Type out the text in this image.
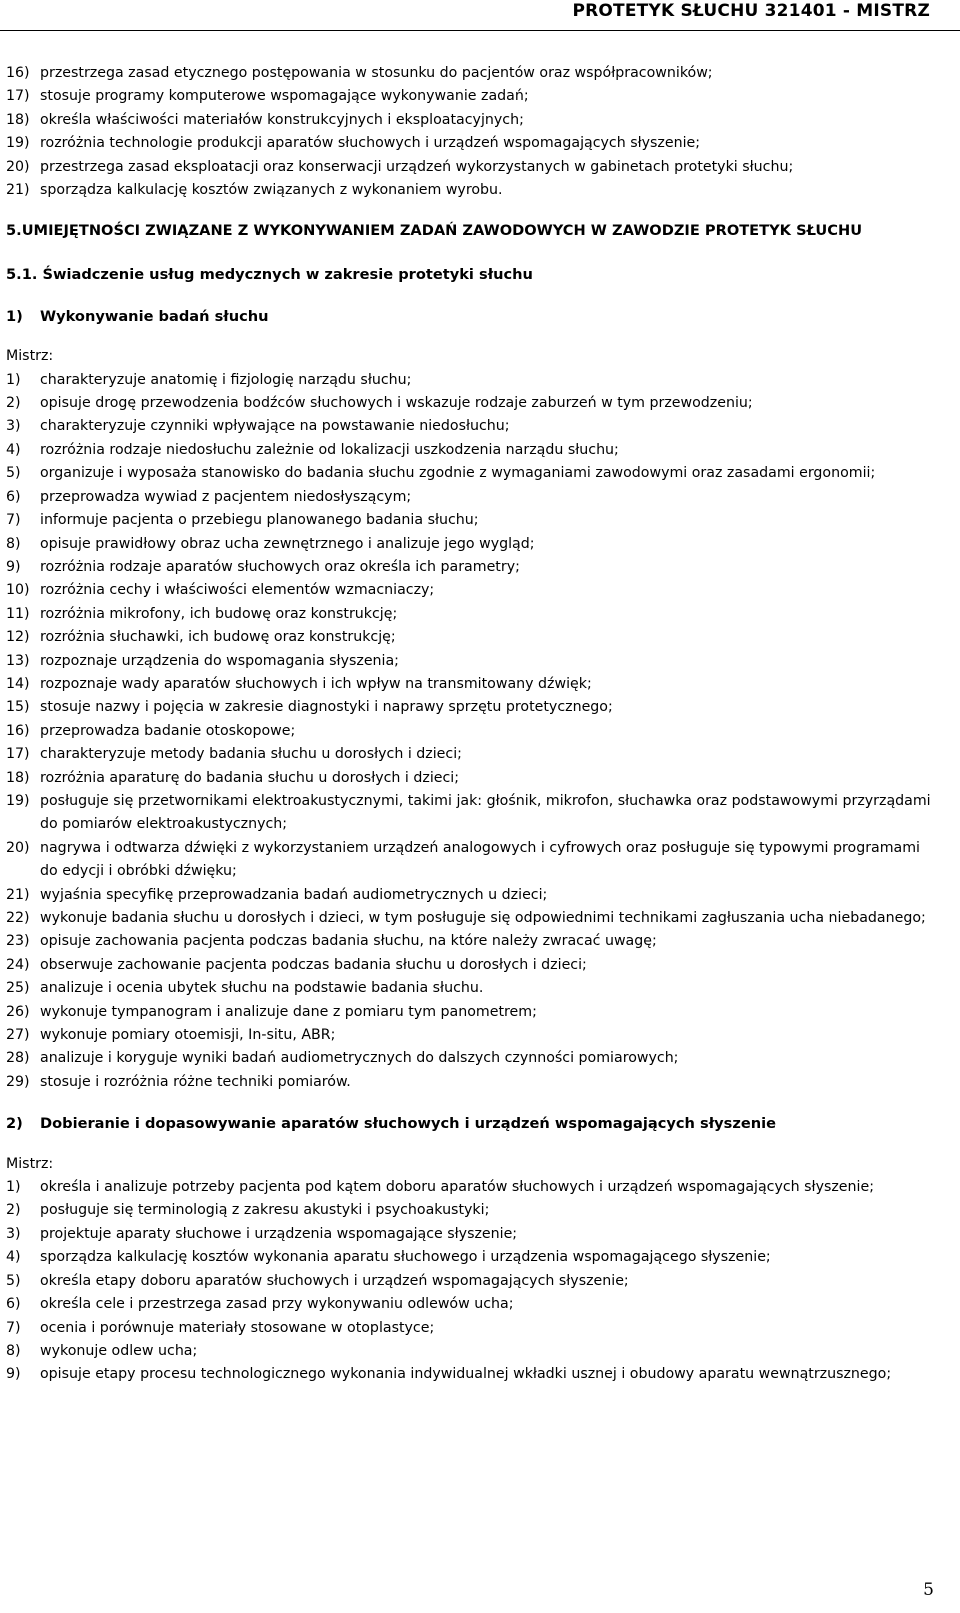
PROTETYK SŁUCHU 321401 - MISTRZ
16) przestrzega zasad etycznego postępowania w stosunku do pacjentów oraz współpracowników;
17) stosuje programy komputerowe wspomagające wykonywanie zadań;
18) określa właściwości materiałów konstrukcyjnych i eksploatacyjnych;
19) rozróżnia technologie produkcji aparatów słuchowych i urządzeń wspomagających słyszenie;
20) przestrzega zasad eksploatacji oraz konserwacji urządzeń wykorzystanych w gabinetach protetyki słuchu;
21) sporządza kalkulację kosztów związanych z wykonaniem wyrobu.
5.UMIEJĘTNOŚCI ZWIĄZANE Z WYKONYWANIEM ZADAŃ ZAWODOWYCH W ZAWODZIE PROTETYK SŁUCHU
5.1. Świadczenie usług medycznych w zakresie protetyki słuchu
1) Wykonywanie badań słuchu
Mistrz:
1) charakteryzuje anatomię i fizjologię narządu słuchu;
2) opisuje drogę przewodzenia bodźców słuchowych i wskazuje rodzaje zaburzeń w tym przewodzeniu;
3) charakteryzuje czynniki wpływające na powstawanie niedosłuchu;
4) rozróżnia rodzaje niedosłuchu zależnie od lokalizacji uszkodzenia narządu słuchu;
5) organizuje i wyposaża stanowisko do badania słuchu zgodnie z wymaganiami zawodowymi oraz zasadami ergonomii;
6) przeprowadza wywiad z pacjentem niedosłyszącym;
7) informuje pacjenta o przebiegu planowanego badania słuchu;
8) opisuje prawidłowy obraz ucha zewnętrznego i analizuje jego wygląd;
9) rozróżnia rodzaje aparatów słuchowych oraz określa ich parametry;
10) rozróżnia cechy i właściwości elementów wzmacniaczy;
11) rozróżnia mikrofony, ich budowę oraz konstrukcję;
12) rozróżnia słuchawki, ich budowę oraz konstrukcję;
13) rozpoznaje urządzenia do wspomagania słyszenia;
14) rozpoznaje wady aparatów słuchowych i ich wpływ na transmitowany dźwięk;
15) stosuje nazwy i pojęcia w zakresie diagnostyki i naprawy sprzętu protetycznego;
16) przeprowadza badanie otoskopowe;
17) charakteryzuje metody badania słuchu u dorosłych i dzieci;
18) rozróżnia aparaturę do badania słuchu u dorosłych i dzieci;
19) posługuje się przetwornikami elektroakustycznymi, takimi jak: głośnik, mikrofon, słuchawka oraz podstawowymi przyrządami do pomiarów elektroakustycznych;
20) nagrywa i odtwarza dźwięki z wykorzystaniem urządzeń analogowych i cyfrowych oraz posługuje się typowymi programami do edycji i obróbki dźwięku;
21) wyjaśnia specyfikę przeprowadzania badań audiometrycznych u dzieci;
22) wykonuje badania słuchu u dorosłych i dzieci, w tym posługuje się odpowiednimi technikami zagłuszania ucha niebadanego;
23) opisuje zachowania pacjenta podczas badania słuchu, na które należy zwracać uwagę;
24) obserwuje zachowanie pacjenta podczas badania słuchu u dorosłych i dzieci;
25) analizuje i ocenia ubytek słuchu na podstawie badania słuchu.
26) wykonuje tympanogram i analizuje dane z pomiaru tym panometrem;
27) wykonuje pomiary otoemisji, In-situ, ABR;
28) analizuje i koryguje wyniki badań audiometrycznych do dalszych czynności pomiarowych;
29) stosuje i rozróżnia różne techniki pomiarów.
2) Dobieranie i dopasowywanie aparatów słuchowych i urządzeń wspomagających słyszenie
Mistrz:
1) określa i analizuje potrzeby pacjenta pod kątem doboru aparatów słuchowych i urządzeń wspomagających słyszenie;
2) posługuje się terminologią z zakresu akustyki i psychoakustyki;
3) projektuje aparaty słuchowe i urządzenia wspomagające słyszenie;
4) sporządza kalkulację kosztów wykonania aparatu słuchowego i urządzenia wspomagającego słyszenie;
5) określa etapy doboru aparatów słuchowych i urządzeń wspomagających słyszenie;
6) określa cele i przestrzega zasad przy wykonywaniu odlewów ucha;
7) ocenia i porównuje materiały stosowane w otoplastyce;
8) wykonuje odlew ucha;
9) opisuje etapy procesu technologicznego wykonania indywidualnej wkładki usznej i obudowy aparatu wewnątrzusznego;
5
